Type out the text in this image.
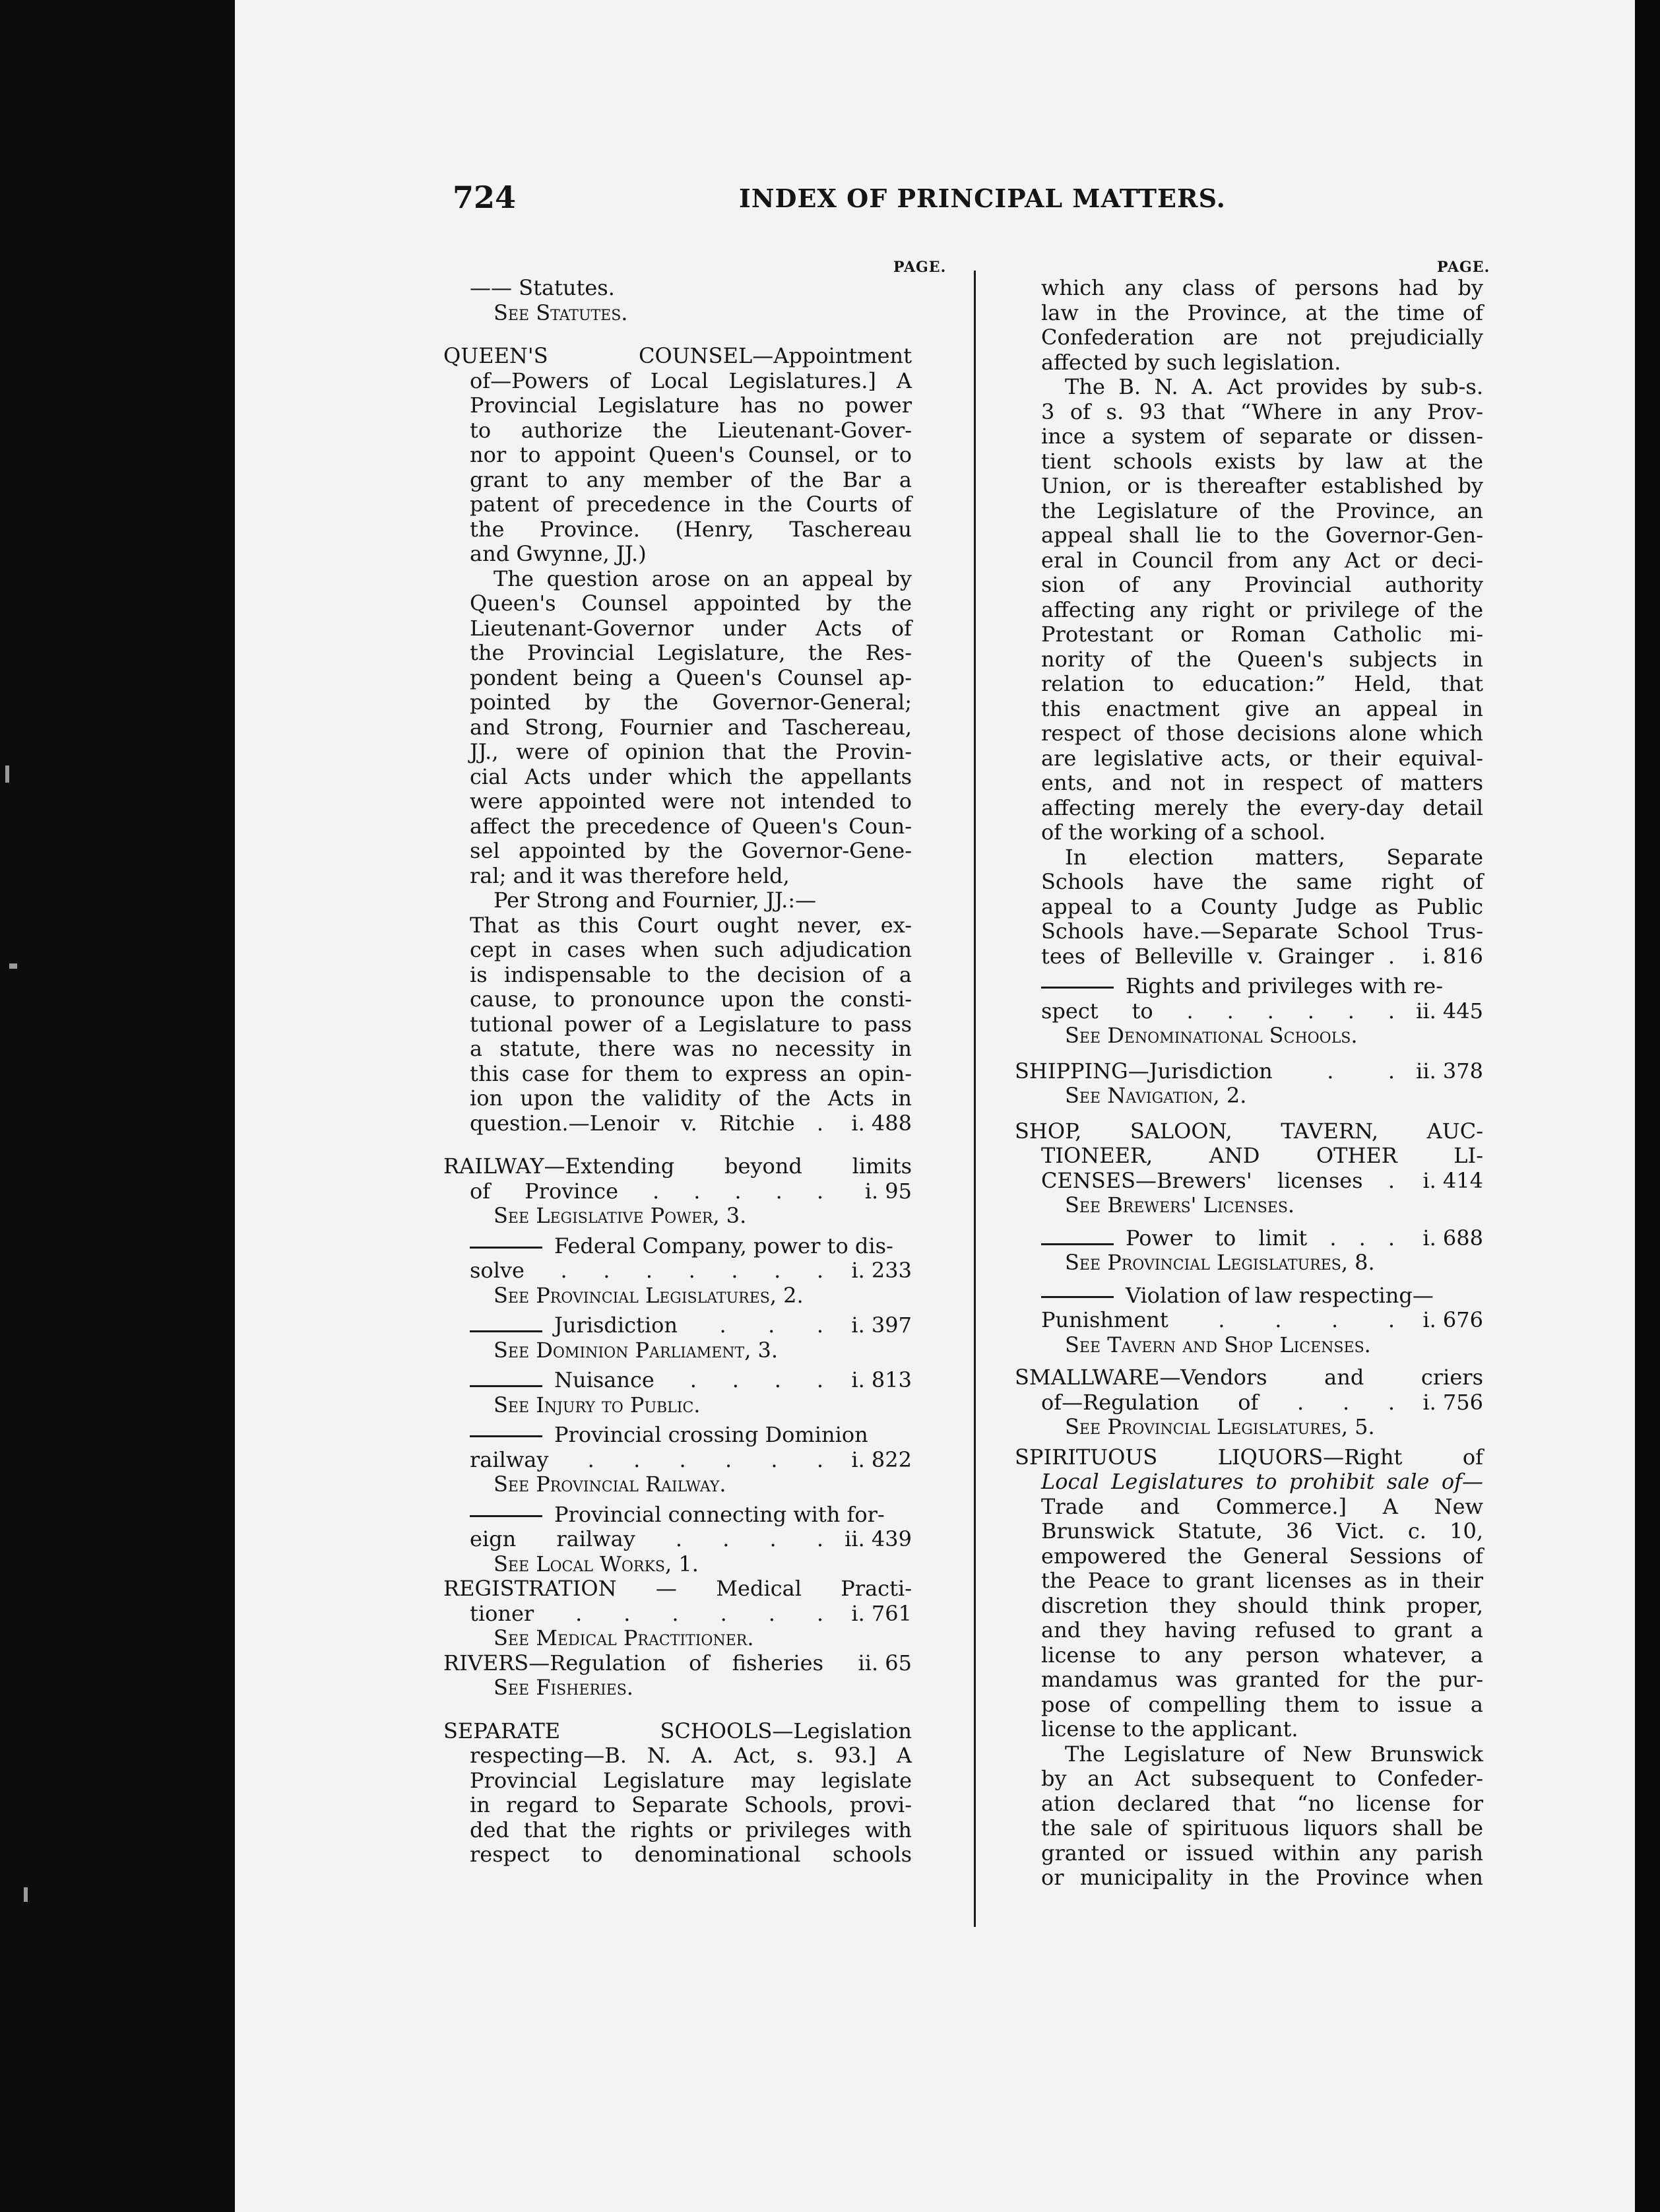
724	INDEX OF PRINCIPAL MATTERS.
PAGE.	PAGE.
—— Statutes.
See Statutes.
QUEEN'S COUNSEL—Appointment
of—Powers of Local Legislatures.] A
Provincial Legislature has no power
to authorize the Lieutenant-Gover-
nor to appoint Queen's Counsel, or to
grant to any member of the Bar a
patent of precedence in the Courts of
the Province. (Henry, Taschereau
and Gwynne, JJ.)
The question arose on an appeal by
Queen's Counsel appointed by the
Lieutenant-Governor under Acts of
the Provincial Legislature, the Res-
pondent being a Queen's Counsel ap-
pointed by the Governor-General;
and Strong, Fournier and Taschereau,
JJ., were of opinion that the Provin-
cial Acts under which the appellants
were appointed were not intended to
affect the precedence of Queen's Coun-
sel appointed by the Governor-Gene-
ral; and it was therefore held,
Per Strong and Fournier, JJ.:—
That as this Court ought never, ex-
cept in cases when such adjudication
is indispensable to the decision of a
cause, to pronounce upon the consti-
tutional power of a Legislature to pass
a statute, there was no necessity in
this case for them to express an opin-
ion upon the validity of the Acts in
question.—Lenoir v. Ritchie .	i. 488
RAILWAY—Extending beyond limits
of Province . . . . .	i. 95
See Legislative Power, 3.
Federal Company, power to dis-
solve . . . . . . .	i. 233
See Provincial Legislatures, 2.
Jurisdiction . . .	i. 397
See Dominion Parliament, 3.
Nuisance . . . .	i. 813
See Injury to Public.
Provincial crossing Dominion
railway . . . . . .	i. 822
See Provincial Railway.
Provincial connecting with for-
eign railway . . . .	ii. 439
See Local Works, 1.
REGISTRATION — Medical Practi-
tioner . . . . . .	i. 761
See Medical Practitioner.
RIVERS—Regulation of fisheries	ii. 65
See Fisheries.
SEPARATE SCHOOLS—Legislation
respecting—B. N. A. Act, s. 93.] A
Provincial Legislature may legislate
in regard to Separate Schools, provi-
ded that the rights or privileges with
respect to denominational schools
which any class of persons had by
law in the Province, at the time of
Confederation are not prejudicially
affected by such legislation.
The B. N. A. Act provides by sub-s.
3 of s. 93 that “Where in any Prov-
ince a system of separate or dissen-
tient schools exists by law at the
Union, or is thereafter established by
the Legislature of the Province, an
appeal shall lie to the Governor-Gen-
eral in Council from any Act or deci-
sion of any Provincial authority
affecting any right or privilege of the
Protestant or Roman Catholic mi-
nority of the Queen's subjects in
relation to education:” Held, that
this enactment give an appeal in
respect of those decisions alone which
are legislative acts, or their equival-
ents, and not in respect of matters
affecting merely the every-day detail
of the working of a school.
In election matters, Separate
Schools have the same right of
appeal to a County Judge as Public
Schools have.—Separate School Trus-
tees of Belleville v. Grainger .	i. 816
Rights and privileges with re-
spect to . . . . . .	ii. 445
See Denominational Schools.
SHIPPING—Jurisdiction . .	ii. 378
See Navigation, 2.
SHOP, SALOON, TAVERN, AUC-
TIONEER, AND OTHER LI-
CENSES—Brewers' licenses .	i. 414
See Brewers' Licenses.
Power to limit . . .	i. 688
See Provincial Legislatures, 8.
Violation of law respecting—
Punishment . . . .	i. 676
See Tavern and Shop Licenses.
SMALLWARE—Vendors and criers
of—Regulation of . . .	i. 756
See Provincial Legislatures, 5.
SPIRITUOUS LIQUORS—Right of
Local Legislatures to prohibit sale of—
Trade and Commerce.] A New
Brunswick Statute, 36 Vict. c. 10,
empowered the General Sessions of
the Peace to grant licenses as in their
discretion they should think proper,
and they having refused to grant a
license to any person whatever, a
mandamus was granted for the pur-
pose of compelling them to issue a
license to the applicant.
The Legislature of New Brunswick
by an Act subsequent to Confeder-
ation declared that “no license for
the sale of spirituous liquors shall be
granted or issued within any parish
or municipality in the Province when
